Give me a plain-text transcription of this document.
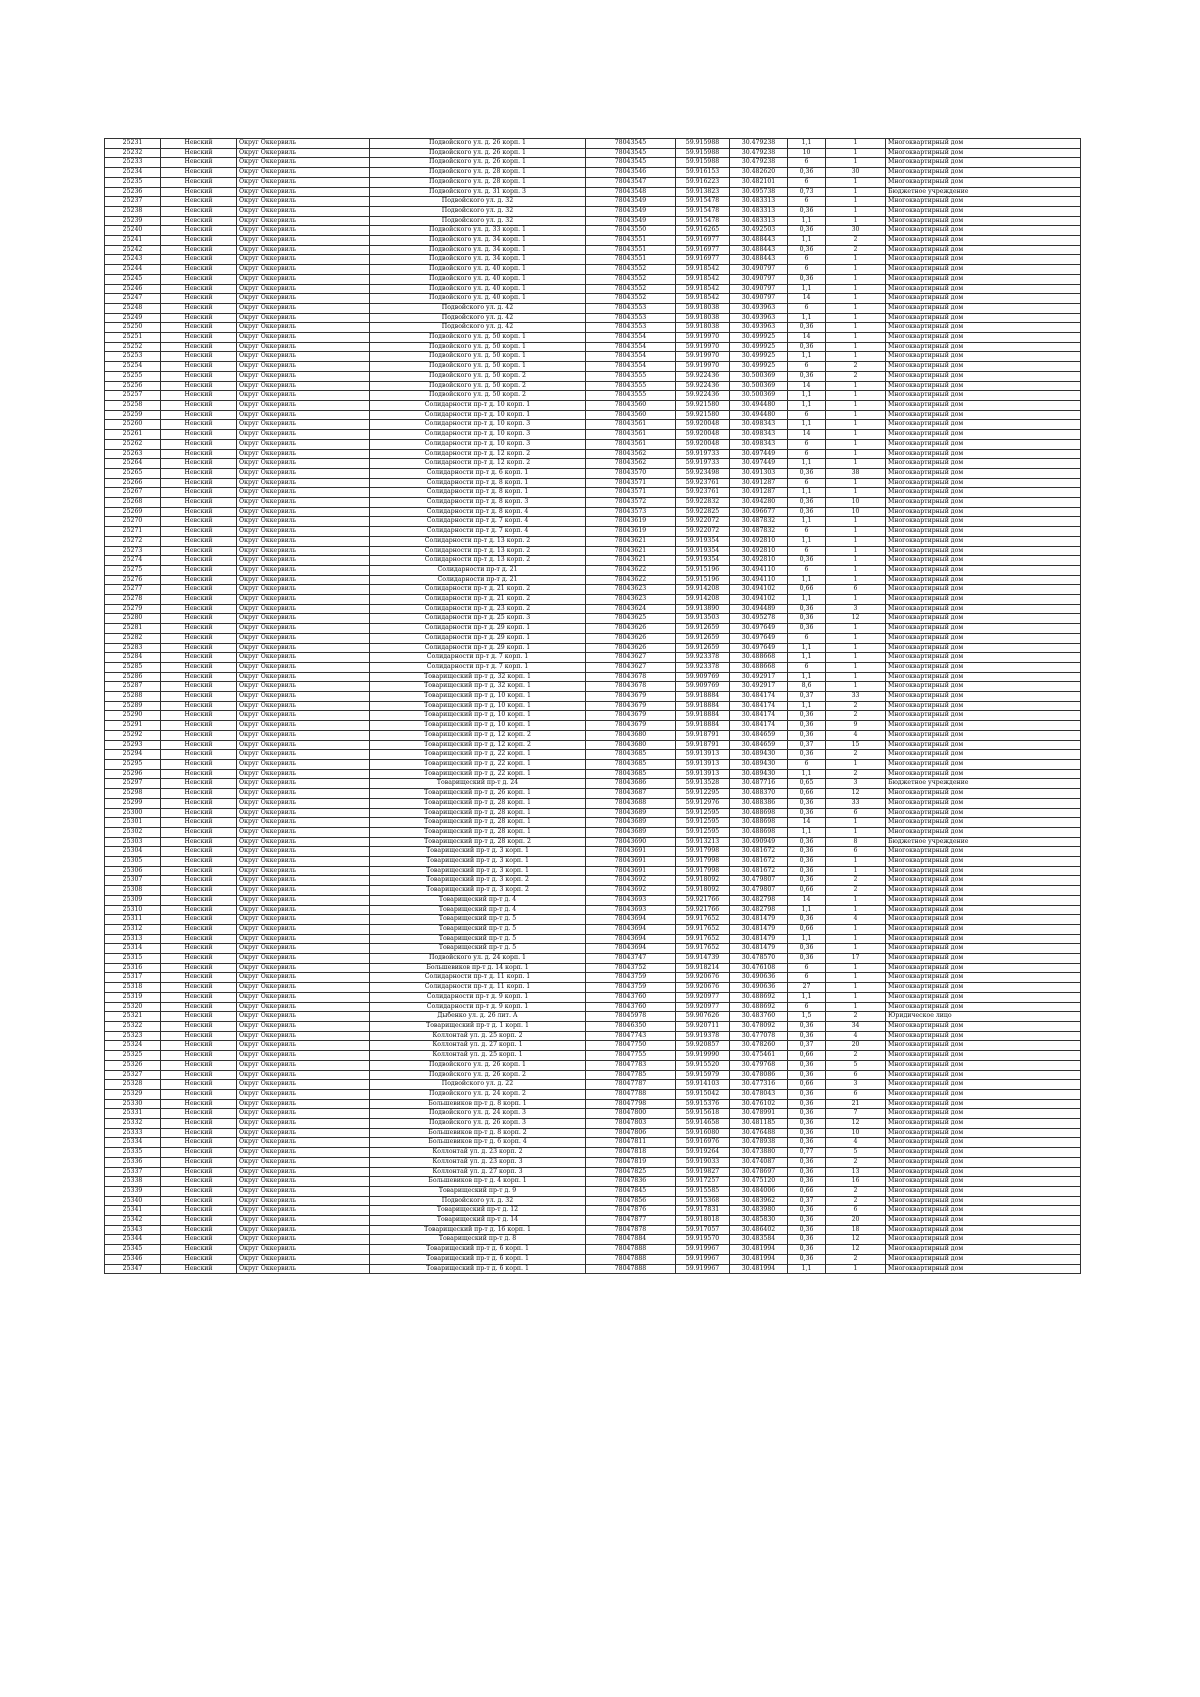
25231	Невский	Округ Оккервиль	Подвойского ул. д. 26 корп. 1	78043545	59.915988	30.479238	1,1	1	Многоквартирный дом
25232	Невский	Округ Оккервиль	Подвойского ул. д. 26 корп. 1	78043545	59.915988	30.479238	10	1	Многоквартирный дом
25233	Невский	Округ Оккервиль	Подвойского ул. д. 26 корп. 1	78043545	59.915988	30.479238	6	1	Многоквартирный дом
25234	Невский	Округ Оккервиль	Подвойского ул. д. 28 корп. 1	78043546	59.916153	30.482620	0,36	30	Многоквартирный дом
25235	Невский	Округ Оккервиль	Подвойского ул. д. 28 корп. 1	78043547	59.916223	30.482101	6	1	Многоквартирный дом
25236	Невский	Округ Оккервиль	Подвойского ул. д. 31 корп. 3	78043548	59.913823	30.495738	0,73	1	Бюджетное учреждение
25237	Невский	Округ Оккервиль	Подвойского ул. д. 32	78043549	59.915478	30.483313	6	1	Многоквартирный дом
25238	Невский	Округ Оккервиль	Подвойского ул. д. 32	78043549	59.915478	30.483313	0,36	1	Многоквартирный дом
25239	Невский	Округ Оккервиль	Подвойского ул. д. 32	78043549	59.915478	30.483313	1,1	1	Многоквартирный дом
25240	Невский	Округ Оккервиль	Подвойского ул. д. 33 корп. 1	78043550	59.916265	30.492503	0,36	30	Многоквартирный дом
25241	Невский	Округ Оккервиль	Подвойского ул. д. 34 корп. 1	78043551	59.916977	30.488443	1,1	2	Многоквартирный дом
25242	Невский	Округ Оккервиль	Подвойского ул. д. 34 корп. 1	78043551	59.916977	30.488443	0,36	2	Многоквартирный дом
25243	Невский	Округ Оккервиль	Подвойского ул. д. 34 корп. 1	78043551	59.916977	30.488443	6	1	Многоквартирный дом
25244	Невский	Округ Оккервиль	Подвойского ул. д. 40 корп. 1	78043552	59.918542	30.490797	6	1	Многоквартирный дом
25245	Невский	Округ Оккервиль	Подвойского ул. д. 40 корп. 1	78043552	59.918542	30.490797	0,36	1	Многоквартирный дом
25246	Невский	Округ Оккервиль	Подвойского ул. д. 40 корп. 1	78043552	59.918542	30.490797	1,1	1	Многоквартирный дом
25247	Невский	Округ Оккервиль	Подвойского ул. д. 40 корп. 1	78043552	59.918542	30.490797	14	1	Многоквартирный дом
25248	Невский	Округ Оккервиль	Подвойского ул. д. 42	78043553	59.918038	30.493963	6	1	Многоквартирный дом
25249	Невский	Округ Оккервиль	Подвойского ул. д. 42	78043553	59.918038	30.493963	1,1	1	Многоквартирный дом
25250	Невский	Округ Оккервиль	Подвойского ул. д. 42	78043553	59.918038	30.493963	0,36	1	Многоквартирный дом
25251	Невский	Округ Оккервиль	Подвойского ул. д. 50 корп. 1	78043554	59.919970	30.499925	14	1	Многоквартирный дом
25252	Невский	Округ Оккервиль	Подвойского ул. д. 50 корп. 1	78043554	59.919970	30.499925	0,36	1	Многоквартирный дом
25253	Невский	Округ Оккервиль	Подвойского ул. д. 50 корп. 1	78043554	59.919970	30.499925	1,1	1	Многоквартирный дом
25254	Невский	Округ Оккервиль	Подвойского ул. д. 50 корп. 1	78043554	59.919970	30.499925	6	2	Многоквартирный дом
25255	Невский	Округ Оккервиль	Подвойского ул. д. 50 корп. 2	78043555	59.922436	30.500369	0,36	2	Многоквартирный дом
25256	Невский	Округ Оккервиль	Подвойского ул. д. 50 корп. 2	78043555	59.922436	30.500369	14	1	Многоквартирный дом
25257	Невский	Округ Оккервиль	Подвойского ул. д. 50 корп. 2	78043555	59.922436	30.500369	1,1	1	Многоквартирный дом
25258	Невский	Округ Оккервиль	Солидарности пр-т д. 10 корп. 1	78043560	59.921580	30.494480	1,1	1	Многоквартирный дом
25259	Невский	Округ Оккервиль	Солидарности пр-т д. 10 корп. 1	78043560	59.921580	30.494480	6	1	Многоквартирный дом
25260	Невский	Округ Оккервиль	Солидарности пр-т д. 10 корп. 3	78043561	59.920048	30.498343	1,1	1	Многоквартирный дом
25261	Невский	Округ Оккервиль	Солидарности пр-т д. 10 корп. 3	78043561	59.920048	30.498343	14	1	Многоквартирный дом
25262	Невский	Округ Оккервиль	Солидарности пр-т д. 10 корп. 3	78043561	59.920048	30.498343	6	1	Многоквартирный дом
25263	Невский	Округ Оккервиль	Солидарности пр-т д. 12 корп. 2	78043562	59.919733	30.497449	6	1	Многоквартирный дом
25264	Невский	Округ Оккервиль	Солидарности пр-т д. 12 корп. 2	78043562	59.919733	30.497449	1,1	1	Многоквартирный дом
25265	Невский	Округ Оккервиль	Солидарности пр-т д. 6 корп. 1	78043570	59.923498	30.491303	0,36	38	Многоквартирный дом
25266	Невский	Округ Оккервиль	Солидарности пр-т д. 8 корп. 1	78043571	59.923761	30.491287	6	1	Многоквартирный дом
25267	Невский	Округ Оккервиль	Солидарности пр-т д. 8 корп. 1	78043571	59.923761	30.491287	1,1	1	Многоквартирный дом
25268	Невский	Округ Оккервиль	Солидарности пр-т д. 8 корп. 3	78043572	59.922832	30.494280	0,36	10	Многоквартирный дом
25269	Невский	Округ Оккервиль	Солидарности пр-т д. 8 корп. 4	78043573	59.922825	30.496677	0,36	10	Многоквартирный дом
25270	Невский	Округ Оккервиль	Солидарности пр-т д. 7 корп. 4	78043619	59.922072	30.487832	1,1	1	Многоквартирный дом
25271	Невский	Округ Оккервиль	Солидарности пр-т д. 7 корп. 4	78043619	59.922072	30.487832	6	1	Многоквартирный дом
25272	Невский	Округ Оккервиль	Солидарности пр-т д. 13 корп. 2	78043621	59.919354	30.492810	1,1	1	Многоквартирный дом
25273	Невский	Округ Оккервиль	Солидарности пр-т д. 13 корп. 2	78043621	59.919354	30.492810	6	1	Многоквартирный дом
25274	Невский	Округ Оккервиль	Солидарности пр-т д. 13 корп. 2	78043621	59.919354	30.492810	0,36	1	Многоквартирный дом
25275	Невский	Округ Оккервиль	Солидарности пр-т д. 21	78043622	59.915196	30.494110	6	1	Многоквартирный дом
25276	Невский	Округ Оккервиль	Солидарности пр-т д. 21	78043622	59.915196	30.494110	1,1	1	Многоквартирный дом
25277	Невский	Округ Оккервиль	Солидарности пр-т д. 21 корп. 2	78043623	59.914208	30.494102	0,66	6	Многоквартирный дом
25278	Невский	Округ Оккервиль	Солидарности пр-т д. 21 корп. 2	78043623	59.914208	30.494102	1,1	1	Многоквартирный дом
25279	Невский	Округ Оккервиль	Солидарности пр-т д. 23 корп. 2	78043624	59.913890	30.494489	0,36	3	Многоквартирный дом
25280	Невский	Округ Оккервиль	Солидарности пр-т д. 25 корп. 3	78043625	59.913503	30.495278	0,36	12	Многоквартирный дом
25281	Невский	Округ Оккервиль	Солидарности пр-т д. 29 корп. 1	78043626	59.912659	30.497649	0,36	1	Многоквартирный дом
25282	Невский	Округ Оккервиль	Солидарности пр-т д. 29 корп. 1	78043626	59.912659	30.497649	6	1	Многоквартирный дом
25283	Невский	Округ Оккервиль	Солидарности пр-т д. 29 корп. 1	78043626	59.912659	30.497649	1,1	1	Многоквартирный дом
25284	Невский	Округ Оккервиль	Солидарности пр-т д. 7 корп. 1	78043627	59.923378	30.488668	1,1	1	Многоквартирный дом
25285	Невский	Округ Оккервиль	Солидарности пр-т д. 7 корп. 1	78043627	59.923378	30.488668	6	1	Многоквартирный дом
25286	Невский	Округ Оккервиль	Товарищеский пр-т д. 32 корп. 1	78043678	59.909769	30.492917	1,1	1	Многоквартирный дом
25287	Невский	Округ Оккервиль	Товарищеский пр-т д. 32 корп. 1	78043678	59.909769	30.492917	8,6	1	Многоквартирный дом
25288	Невский	Округ Оккервиль	Товарищеский пр-т д. 10 корп. 1	78043679	59.918884	30.484174	0,37	33	Многоквартирный дом
25289	Невский	Округ Оккервиль	Товарищеский пр-т д. 10 корп. 1	78043679	59.918884	30.484174	1,1	2	Многоквартирный дом
25290	Невский	Округ Оккервиль	Товарищеский пр-т д. 10 корп. 1	78043679	59.918884	30.484174	0,36	2	Многоквартирный дом
25291	Невский	Округ Оккервиль	Товарищеский пр-т д. 10 корп. 1	78043679	59.918884	30.484174	0,36	9	Многоквартирный дом
25292	Невский	Округ Оккервиль	Товарищеский пр-т д. 12 корп. 2	78043680	59.918791	30.484659	0,36	4	Многоквартирный дом
25293	Невский	Округ Оккервиль	Товарищеский пр-т д. 12 корп. 2	78043680	59.918791	30.484659	0,37	15	Многоквартирный дом
25294	Невский	Округ Оккервиль	Товарищеский пр-т д. 22 корп. 1	78043685	59.913913	30.489430	0,36	2	Многоквартирный дом
25295	Невский	Округ Оккервиль	Товарищеский пр-т д. 22 корп. 1	78043685	59.913913	30.489430	6	1	Многоквартирный дом
25296	Невский	Округ Оккервиль	Товарищеский пр-т д. 22 корп. 1	78043685	59.913913	30.489430	1,1	2	Многоквартирный дом
25297	Невский	Округ Оккервиль	Товарищеский пр-т д. 24	78043686	59.913528	30.487716	0,65	3	Бюджетное учреждение
25298	Невский	Округ Оккервиль	Товарищеский пр-т д. 26 корп. 1	78043687	59.912295	30.488370	0,66	12	Многоквартирный дом
25299	Невский	Округ Оккервиль	Товарищеский пр-т д. 28 корп. 1	78043688	59.912976	30.488386	0,36	33	Многоквартирный дом
25300	Невский	Округ Оккервиль	Товарищеский пр-т д. 28 корп. 1	78043689	59.912595	30.488698	0,36	6	Многоквартирный дом
25301	Невский	Округ Оккервиль	Товарищеский пр-т д. 28 корп. 1	78043689	59.912595	30.488698	14	1	Многоквартирный дом
25302	Невский	Округ Оккервиль	Товарищеский пр-т д. 28 корп. 1	78043689	59.912595	30.488698	1,1	1	Многоквартирный дом
25303	Невский	Округ Оккервиль	Товарищеский пр-т д. 28 корп. 2	78043690	59.913213	30.490949	0,36	8	Бюджетное учреждение
25304	Невский	Округ Оккервиль	Товарищеский пр-т д. 3 корп. 1	78043691	59.917998	30.481672	0,36	6	Многоквартирный дом
25305	Невский	Округ Оккервиль	Товарищеский пр-т д. 3 корп. 1	78043691	59.917998	30.481672	0,36	1	Многоквартирный дом
25306	Невский	Округ Оккервиль	Товарищеский пр-т д. 3 корп. 1	78043691	59.917998	30.481672	0,36	1	Многоквартирный дом
25307	Невский	Округ Оккервиль	Товарищеский пр-т д. 3 корп. 2	78043692	59.918092	30.479807	0,36	2	Многоквартирный дом
25308	Невский	Округ Оккервиль	Товарищеский пр-т д. 3 корп. 2	78043692	59.918092	30.479807	0,66	2	Многоквартирный дом
25309	Невский	Округ Оккервиль	Товарищеский пр-т д. 4	78043693	59.921766	30.482798	14	1	Многоквартирный дом
25310	Невский	Округ Оккервиль	Товарищеский пр-т д. 4	78043693	59.921766	30.482798	1,1	1	Многоквартирный дом
25311	Невский	Округ Оккервиль	Товарищеский пр-т д. 5	78043694	59.917652	30.481479	0,36	4	Многоквартирный дом
25312	Невский	Округ Оккервиль	Товарищеский пр-т д. 5	78043694	59.917652	30.481479	0,66	1	Многоквартирный дом
25313	Невский	Округ Оккервиль	Товарищеский пр-т д. 5	78043694	59.917652	30.481479	1,1	1	Многоквартирный дом
25314	Невский	Округ Оккервиль	Товарищеский пр-т д. 5	78043694	59.917652	30.481479	0,36	1	Многоквартирный дом
25315	Невский	Округ Оккервиль	Подвойского ул. д. 24 корп. 1	78043747	59.914739	30.478570	0,36	17	Многоквартирный дом
25316	Невский	Округ Оккервиль	Большевиков пр-т д. 14 корп. 1	78043752	59.918214	30.476108	6	1	Многоквартирный дом
25317	Невский	Округ Оккервиль	Солидарности пр-т д. 11 корп. 1	78043759	59.920676	30.490636	6	1	Многоквартирный дом
25318	Невский	Округ Оккервиль	Солидарности пр-т д. 11 корп. 1	78043759	59.920676	30.490636	27	1	Многоквартирный дом
25319	Невский	Округ Оккервиль	Солидарности пр-т д. 9 корп. 1	78043760	59.920977	30.488692	1,1	1	Многоквартирный дом
25320	Невский	Округ Оккервиль	Солидарности пр-т д. 9 корп. 1	78043760	59.920977	30.488692	6	1	Многоквартирный дом
25321	Невский	Округ Оккервиль	Дыбенко ул. д. 26 лит. А	78045978	59.907626	30.483760	1,5	2	Юридическое лицо
25322	Невский	Округ Оккервиль	Товарищеский пр-т д. 1 корп. 1	78046350	59.920711	30.478092	0,36	34	Многоквартирный дом
25323	Невский	Округ Оккервиль	Коллонтай ул. д. 25 корп. 2	78047743	59.919378	30.477078	0,36	4	Многоквартирный дом
25324	Невский	Округ Оккервиль	Коллонтай ул. д. 27 корп. 1	78047750	59.920857	30.478260	0,37	20	Многоквартирный дом
25325	Невский	Округ Оккервиль	Коллонтай ул. д. 25 корп. 1	78047755	59.919990	30.475461	0,66	2	Многоквартирный дом
25326	Невский	Округ Оккервиль	Подвойского ул. д. 26 корп. 1	78047783	59.915520	30.479768	0,36	5	Многоквартирный дом
25327	Невский	Округ Оккервиль	Подвойского ул. д. 26 корп. 2	78047785	59.915979	30.478086	0,36	6	Многоквартирный дом
25328	Невский	Округ Оккервиль	Подвойского ул. д. 22	78047787	59.914103	30.477316	0,66	3	Многоквартирный дом
25329	Невский	Округ Оккервиль	Подвойского ул. д. 24 корп. 2	78047788	59.915042	30.478043	0,36	6	Многоквартирный дом
25330	Невский	Округ Оккервиль	Большевиков пр-т д. 8 корп. 1	78047798	59.915376	30.476102	0,36	21	Многоквартирный дом
25331	Невский	Округ Оккервиль	Подвойского ул. д. 24 корп. 3	78047800	59.915618	30.478991	0,36	7	Многоквартирный дом
25332	Невский	Округ Оккервиль	Подвойского ул. д. 26 корп. 3	78047803	59.914658	30.481185	0,36	12	Многоквартирный дом
25333	Невский	Округ Оккервиль	Большевиков пр-т д. 8 корп. 2	78047806	59.916080	30.476488	0,36	10	Многоквартирный дом
25334	Невский	Округ Оккервиль	Большевиков пр-т д. 6 корп. 4	78047811	59.916976	30.478938	0,36	4	Многоквартирный дом
25335	Невский	Округ Оккервиль	Коллонтай ул. д. 23 корп. 2	78047818	59.919264	30.473880	0,77	5	Многоквартирный дом
25336	Невский	Округ Оккервиль	Коллонтай ул. д. 23 корп. 3	78047819	59.919033	30.474087	0,36	2	Многоквартирный дом
25337	Невский	Округ Оккервиль	Коллонтай ул. д. 27 корп. 3	78047825	59.919827	30.478697	0,36	13	Многоквартирный дом
25338	Невский	Округ Оккервиль	Большевиков пр-т д. 4 корп. 1	78047836	59.917257	30.475120	0,36	16	Многоквартирный дом
25339	Невский	Округ Оккервиль	Товарищеский пр-т д. 9	78047845	59.915585	30.484006	0,66	2	Многоквартирный дом
25340	Невский	Округ Оккервиль	Подвойского ул. д. 32	78047856	59.915368	30.483962	0,37	2	Многоквартирный дом
25341	Невский	Округ Оккервиль	Товарищеский пр-т д. 12	78047876	59.917831	30.483980	0,36	6	Многоквартирный дом
25342	Невский	Округ Оккервиль	Товарищеский пр-т д. 14	78047877	59.918018	30.485830	0,36	20	Многоквартирный дом
25343	Невский	Округ Оккервиль	Товарищеский пр-т д. 16 корп. 1	78047878	59.917057	30.486402	0,36	18	Многоквартирный дом
25344	Невский	Округ Оккервиль	Товарищеский пр-т д. 8	78047884	59.919570	30.483584	0,36	12	Многоквартирный дом
25345	Невский	Округ Оккервиль	Товарищеский пр-т д. 6 корп. 1	78047888	59.919967	30.481994	0,36	12	Многоквартирный дом
25346	Невский	Округ Оккервиль	Товарищеский пр-т д. 6 корп. 1	78047888	59.919967	30.481994	0,36	2	Многоквартирный дом
25347	Невский	Округ Оккервиль	Товарищеский пр-т д. 6 корп. 1	78047888	59.919967	30.481994	1,1	1	Многоквартирный дом
